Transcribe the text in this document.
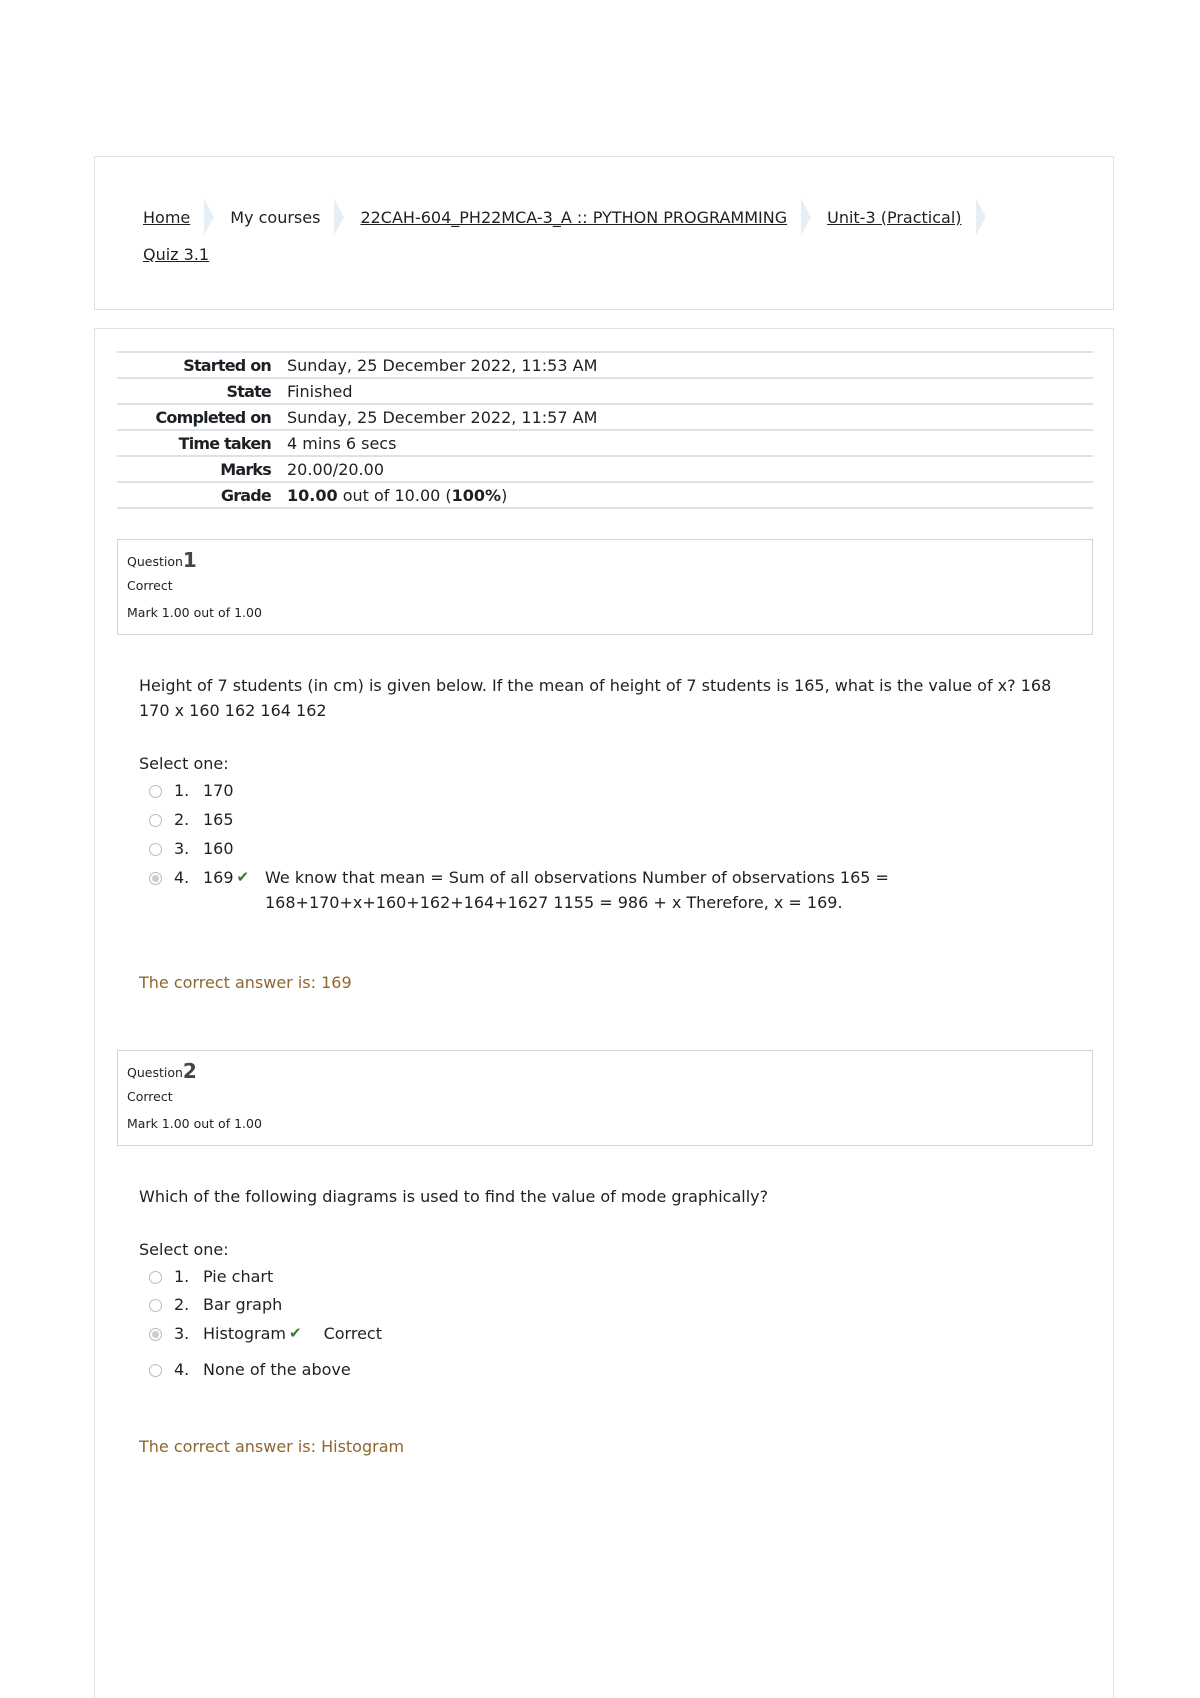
Home	My courses	22CAH-604_PH22MCA-3_A :: PYTHON PROGRAMMING	Unit-3 (Practical)
Quiz 3.1
Started on	Sunday, 25 December 2022, 11:53 AM
State	Finished
Completed on	Sunday, 25 December 2022, 11:57 AM
Time taken	4 mins 6 secs
Marks	20.00/20.00
Grade	10.00 out of 10.00 (100%)
Question1
Correct
Mark 1.00 out of 1.00
Height of 7 students (in cm) is given below. If the mean of height of 7 students is 165, what is the value of x? 168 170 x 160 162 164 162
Select one:
1. 170
2. 165
3. 160
4. 169 ✔ We know that mean = Sum of all observations Number of observations 165 = 168+170+x+160+162+164+1627 1155 = 986 + x Therefore, x = 169.
The correct answer is: 169
Question2
Correct
Mark 1.00 out of 1.00
Which of the following diagrams is used to find the value of mode graphically?
Select one:
1. Pie chart
2. Bar graph
3. Histogram ✔ Correct
4. None of the above
The correct answer is: Histogram
